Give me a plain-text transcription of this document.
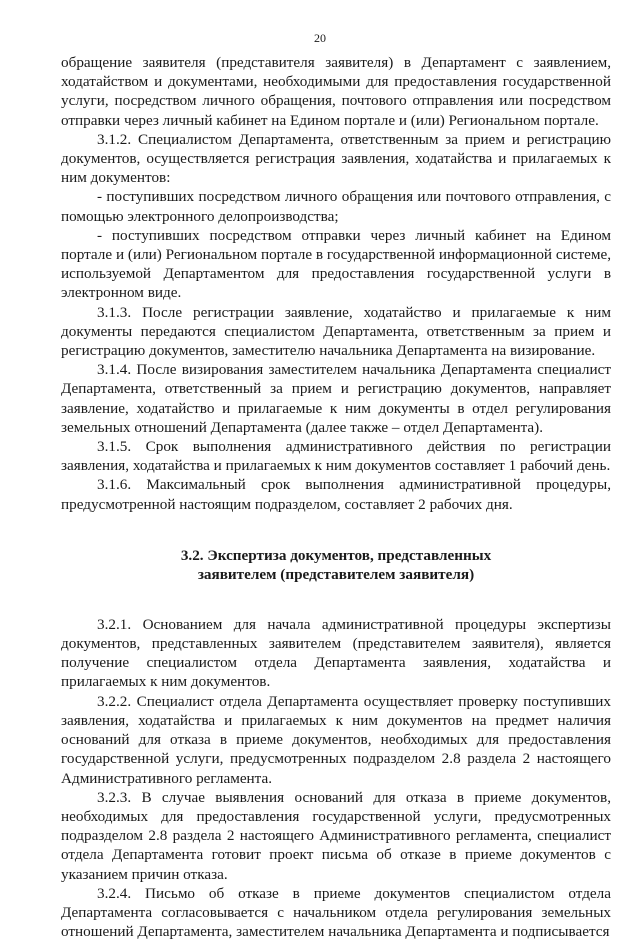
20

обращение заявителя (представителя заявителя) в Департамент с заявлением, ходатайством и документами, необходимыми для предоставления государственной услуги, посредством личного обращения, почтового отправления или посредством отправки через личный кабинет на Едином портале и (или) Региональном портале.

3.1.2. Специалистом Департамента, ответственным за прием и регистрацию документов, осуществляется регистрация заявления, ходатайства и прилагаемых к ним документов:

- поступивших посредством личного обращения или почтового отправления, с помощью электронного делопроизводства;

- поступивших посредством отправки через личный кабинет на Едином портале и (или) Региональном портале в государственной информационной системе, используемой Департаментом для предоставления государственной услуги в электронном виде.

3.1.3. После регистрации заявление, ходатайство и прилагаемые к ним документы передаются специалистом Департамента, ответственным за прием и регистрацию документов, заместителю начальника Департамента на визирование.

3.1.4. После визирования заместителем начальника Департамента специалист Департамента, ответственный за прием и регистрацию документов, направляет заявление, ходатайство и прилагаемые к ним документы в отдел регулирования земельных отношений Департамента (далее также – отдел Департамента).

3.1.5. Срок выполнения административного действия по регистрации заявления, ходатайства и прилагаемых к ним документов составляет 1 рабочий день.

3.1.6. Максимальный срок выполнения административной процедуры, предусмотренной настоящим подразделом, составляет 2 рабочих дня.

3.2. Экспертиза документов, представленных
заявителем (представителем заявителя)

3.2.1. Основанием для начала административной процедуры экспертизы документов, представленных заявителем (представителем заявителя), является получение специалистом отдела Департамента заявления, ходатайства и прилагаемых к ним документов.

3.2.2. Специалист отдела Департамента осуществляет проверку поступивших заявления, ходатайства и прилагаемых к ним документов на предмет наличия оснований для отказа в приеме документов, необходимых для предоставления государственной услуги, предусмотренных подразделом 2.8 раздела 2 настоящего Административного регламента.

3.2.3. В случае выявления оснований для отказа в приеме документов, необходимых для предоставления государственной услуги, предусмотренных подразделом 2.8 раздела 2 настоящего Административного регламента, специалист отдела Департамента готовит проект письма об отказе в приеме документов с указанием причин отказа.

3.2.4. Письмо об отказе в приеме документов специалистом отдела Департамента согласовывается с начальником отдела регулирования земельных отношений Департамента, заместителем начальника Департамента и подписывается
